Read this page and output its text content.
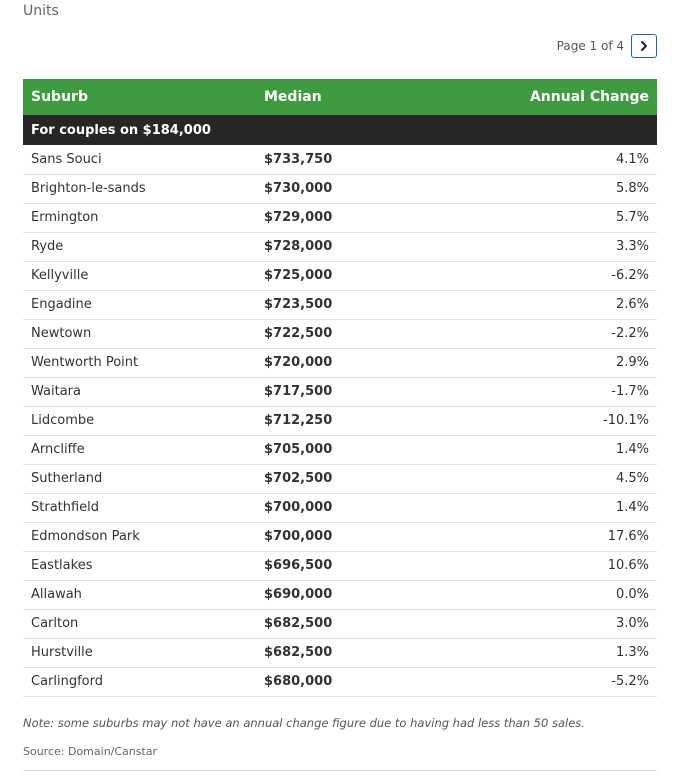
Units
Page 1 of 4
Suburb	Median	Annual Change
For couples on $184,000		
Sans Souci	$733,750	4.1%
Brighton-le-sands	$730,000	5.8%
Ermington	$729,000	5.7%
Ryde	$728,000	3.3%
Kellyville	$725,000	-6.2%
Engadine	$723,500	2.6%
Newtown	$722,500	-2.2%
Wentworth Point	$720,000	2.9%
Waitara	$717,500	-1.7%
Lidcombe	$712,250	-10.1%
Arncliffe	$705,000	1.4%
Sutherland	$702,500	4.5%
Strathfield	$700,000	1.4%
Edmondson Park	$700,000	17.6%
Eastlakes	$696,500	10.6%
Allawah	$690,000	0.0%
Carlton	$682,500	3.0%
Hurstville	$682,500	1.3%
Carlingford	$680,000	-5.2%
Note: some suburbs may not have an annual change figure due to having had less than 50 sales.
Source: Domain/Canstar
